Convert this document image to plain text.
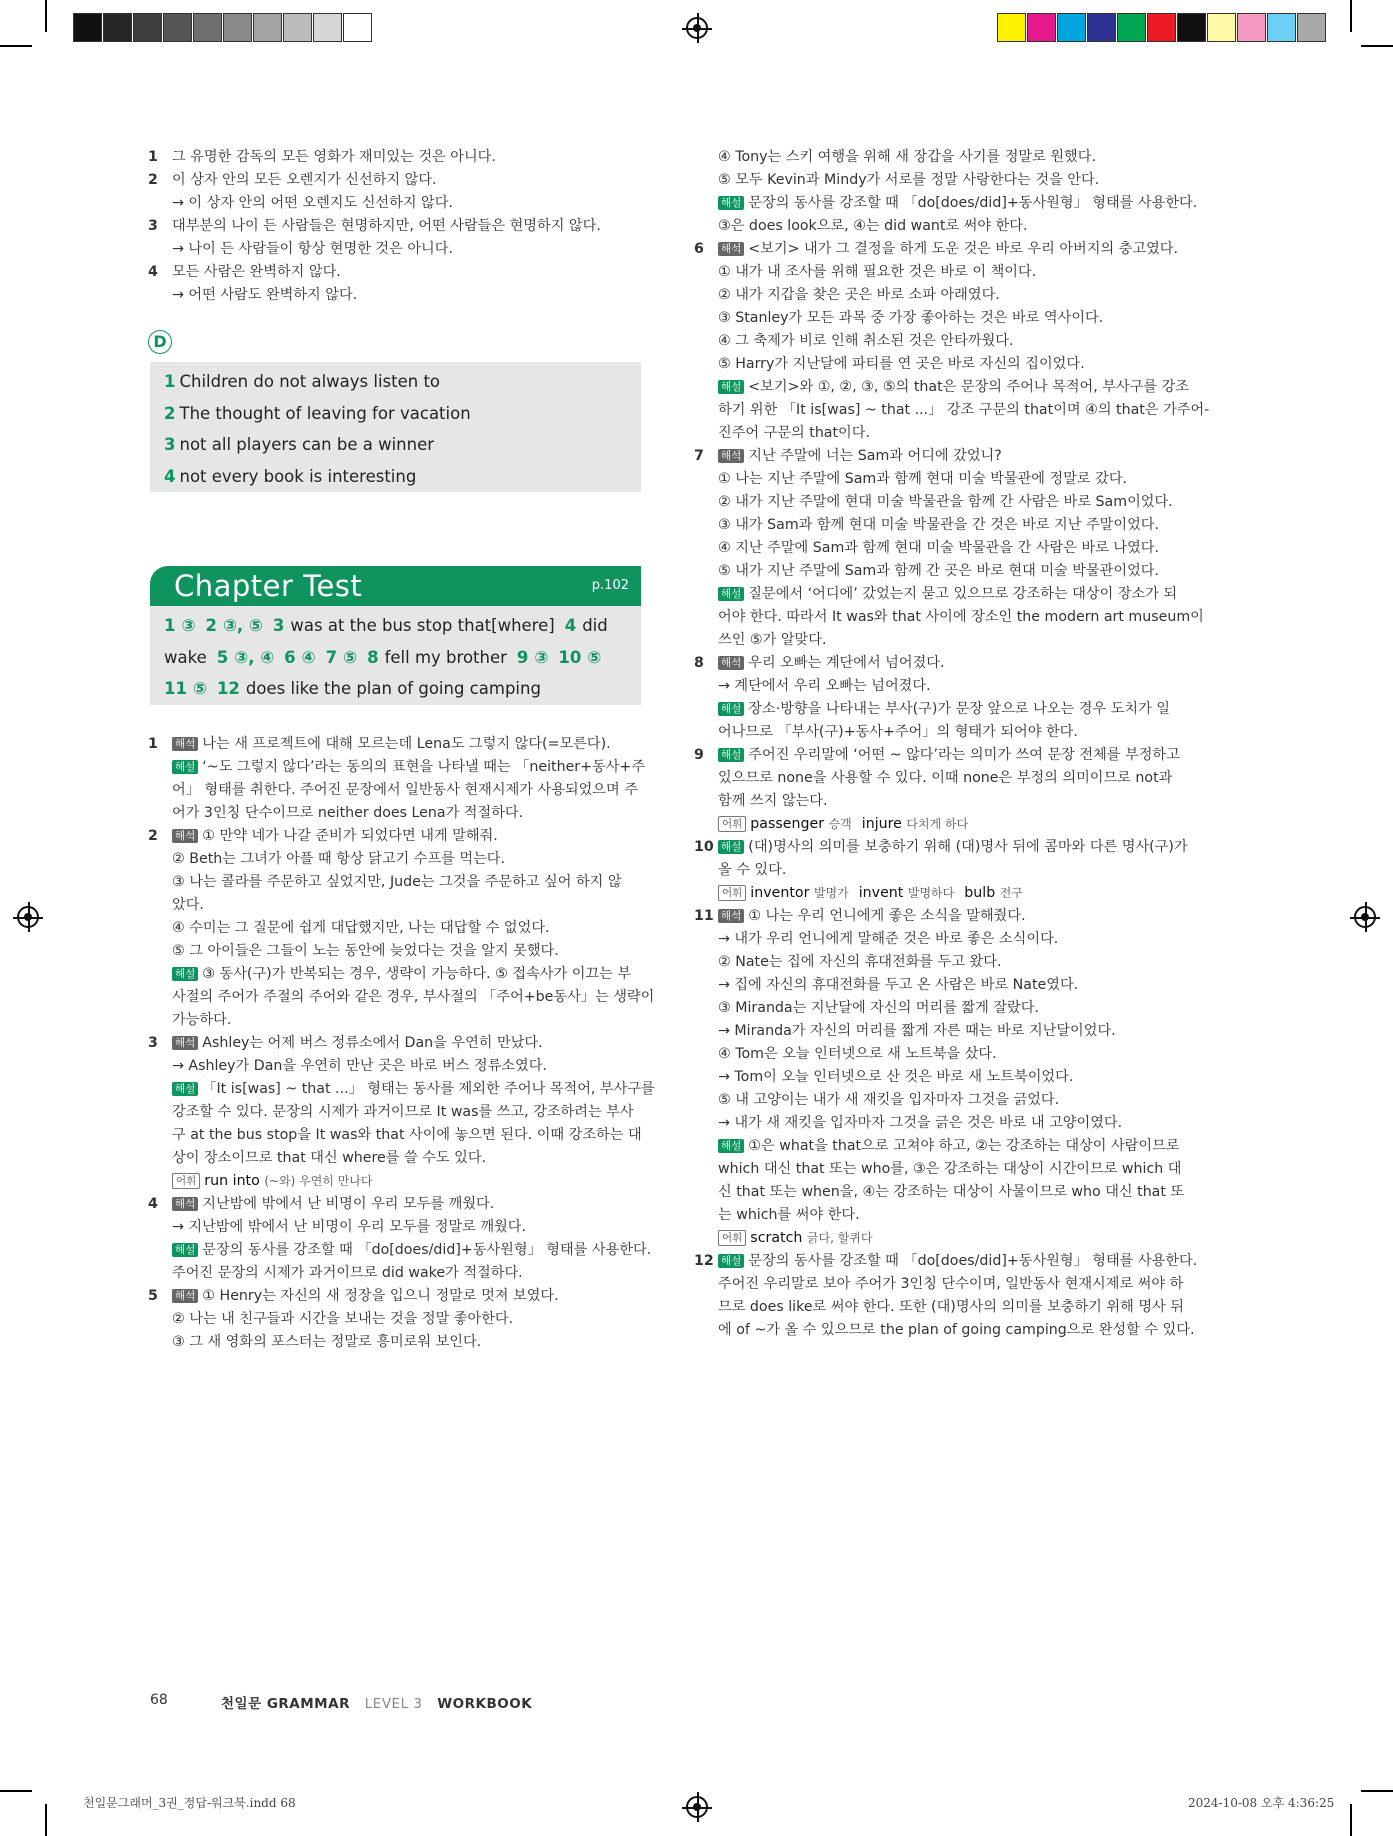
1 그 유명한 감독의 모든 영화가 재미있는 것은 아니다.
2 이 상자 안의 모든 오렌지가 신선하지 않다.
→ 이 상자 안의 어떤 오렌지도 신선하지 않다.
3 대부분의 나이 든 사람들은 현명하지만, 어떤 사람들은 현명하지 않다.
→ 나이 든 사람들이 항상 현명한 것은 아니다.
4 모든 사람은 완벽하지 않다.
→ 어떤 사람도 완벽하지 않다.
D
1 Children do not always listen to
2 The thought of leaving for vacation
3 not all players can be a winner
4 not every book is interesting
Chapter Test	p.102
1 ③ 2 ③, ⑤ 3 was at the bus stop that[where] 4 did
wake 5 ③, ④ 6 ④ 7 ⑤ 8 fell my brother 9 ③ 10 ⑤
11 ⑤ 12 does like the plan of going camping
1 해석 나는 새 프로젝트에 대해 모르는데 Lena도 그렇지 않다(=모른다).
해설 ‘~도 그렇지 않다’라는 동의의 표현을 나타낼 때는 「neither+동사+주
어」 형태를 취한다. 주어진 문장에서 일반동사 현재시제가 사용되었으며 주
어가 3인칭 단수이므로 neither does Lena가 적절하다.
2 해석 ① 만약 네가 나갈 준비가 되었다면 내게 말해줘.
② Beth는 그녀가 아플 때 항상 닭고기 수프를 먹는다.
③ 나는 콜라를 주문하고 싶었지만, Jude는 그것을 주문하고 싶어 하지 않
았다.
④ 수미는 그 질문에 쉽게 대답했지만, 나는 대답할 수 없었다.
⑤ 그 아이들은 그들이 노는 동안에 늦었다는 것을 알지 못했다.
해설 ③ 동사(구)가 반복되는 경우, 생략이 가능하다. ⑤ 접속사가 이끄는 부
사절의 주어가 주절의 주어와 같은 경우, 부사절의 「주어+be동사」는 생략이
가능하다.
3 해석 Ashley는 어제 버스 정류소에서 Dan을 우연히 만났다.
→ Ashley가 Dan을 우연히 만난 곳은 바로 버스 정류소였다.
해설 「It is[was] ~ that ...」 형태는 동사를 제외한 주어나 목적어, 부사구를
강조할 수 있다. 문장의 시제가 과거이므로 It was를 쓰고, 강조하려는 부사
구 at the bus stop을 It was와 that 사이에 놓으면 된다. 이때 강조하는 대
상이 장소이므로 that 대신 where를 쓸 수도 있다.
어휘 run into (~와) 우연히 만나다
4 해석 지난밤에 밖에서 난 비명이 우리 모두를 깨웠다.
→ 지난밤에 밖에서 난 비명이 우리 모두를 정말로 깨웠다.
해설 문장의 동사를 강조할 때 「do[does/did]+동사원형」 형태를 사용한다.
주어진 문장의 시제가 과거이므로 did wake가 적절하다.
5 해석 ① Henry는 자신의 새 정장을 입으니 정말로 멋져 보였다.
② 나는 내 친구들과 시간을 보내는 것을 정말 좋아한다.
③ 그 새 영화의 포스터는 정말로 흥미로워 보인다.
④ Tony는 스키 여행을 위해 새 장갑을 사기를 정말로 원했다.
⑤ 모두 Kevin과 Mindy가 서로를 정말 사랑한다는 것을 안다.
해설 문장의 동사를 강조할 때 「do[does/did]+동사원형」 형태를 사용한다.
③은 does look으로, ④는 did want로 써야 한다.
6 해석 <보기> 내가 그 결정을 하게 도운 것은 바로 우리 아버지의 충고였다.
① 내가 내 조사를 위해 필요한 것은 바로 이 책이다.
② 내가 지갑을 찾은 곳은 바로 소파 아래였다.
③ Stanley가 모든 과목 중 가장 좋아하는 것은 바로 역사이다.
④ 그 축제가 비로 인해 취소된 것은 안타까웠다.
⑤ Harry가 지난달에 파티를 연 곳은 바로 자신의 집이었다.
해설 <보기>와 ①, ②, ③, ⑤의 that은 문장의 주어나 목적어, 부사구를 강조
하기 위한 「It is[was] ~ that ...」 강조 구문의 that이며 ④의 that은 가주어-
진주어 구문의 that이다.
7 해석 지난 주말에 너는 Sam과 어디에 갔었니?
① 나는 지난 주말에 Sam과 함께 현대 미술 박물관에 정말로 갔다.
② 내가 지난 주말에 현대 미술 박물관을 함께 간 사람은 바로 Sam이었다.
③ 내가 Sam과 함께 현대 미술 박물관을 간 것은 바로 지난 주말이었다.
④ 지난 주말에 Sam과 함께 현대 미술 박물관을 간 사람은 바로 나였다.
⑤ 내가 지난 주말에 Sam과 함께 간 곳은 바로 현대 미술 박물관이었다.
해설 질문에서 ‘어디에’ 갔었는지 묻고 있으므로 강조하는 대상이 장소가 되
어야 한다. 따라서 It was와 that 사이에 장소인 the modern art museum이
쓰인 ⑤가 알맞다.
8 해석 우리 오빠는 계단에서 넘어졌다.
→ 계단에서 우리 오빠는 넘어졌다.
해설 장소·방향을 나타내는 부사(구)가 문장 앞으로 나오는 경우 도치가 일
어나므로 「부사(구)+동사+주어」의 형태가 되어야 한다.
9 해설 주어진 우리말에 ‘어떤 ~ 않다’라는 의미가 쓰여 문장 전체를 부정하고
있으므로 none을 사용할 수 있다. 이때 none은 부정의 의미이므로 not과
함께 쓰지 않는다.
어휘 passenger 승객 injure 다치게 하다
10 해설 (대)명사의 의미를 보충하기 위해 (대)명사 뒤에 콤마와 다른 명사(구)가
올 수 있다.
어휘 inventor 발명가 invent 발명하다 bulb 전구
11 해석 ① 나는 우리 언니에게 좋은 소식을 말해줬다.
→ 내가 우리 언니에게 말해준 것은 바로 좋은 소식이다.
② Nate는 집에 자신의 휴대전화를 두고 왔다.
→ 집에 자신의 휴대전화를 두고 온 사람은 바로 Nate였다.
③ Miranda는 지난달에 자신의 머리를 짧게 잘랐다.
→ Miranda가 자신의 머리를 짧게 자른 때는 바로 지난달이었다.
④ Tom은 오늘 인터넷으로 새 노트북을 샀다.
→ Tom이 오늘 인터넷으로 산 것은 바로 새 노트북이었다.
⑤ 내 고양이는 내가 새 재킷을 입자마자 그것을 긁었다.
→ 내가 새 재킷을 입자마자 그것을 긁은 것은 바로 내 고양이였다.
해설 ①은 what을 that으로 고쳐야 하고, ②는 강조하는 대상이 사람이므로
which 대신 that 또는 who를, ③은 강조하는 대상이 시간이므로 which 대
신 that 또는 when을, ④는 강조하는 대상이 사물이므로 who 대신 that 또
는 which를 써야 한다.
어휘 scratch 긁다, 할퀴다
12 해설 문장의 동사를 강조할 때 「do[does/did]+동사원형」 형태를 사용한다.
주어진 우리말로 보아 주어가 3인칭 단수이며, 일반동사 현재시제로 써야 하
므로 does like로 써야 한다. 또한 (대)명사의 의미를 보충하기 위해 명사 뒤
에 of ~가 올 수 있으므로 the plan of going camping으로 완성할 수 있다.
68	천일문 GRAMMAR LEVEL 3 WORKBOOK
천일문그래머_3권_정답-워크북.indd 68	2024-10-08 오후 4:36:25
